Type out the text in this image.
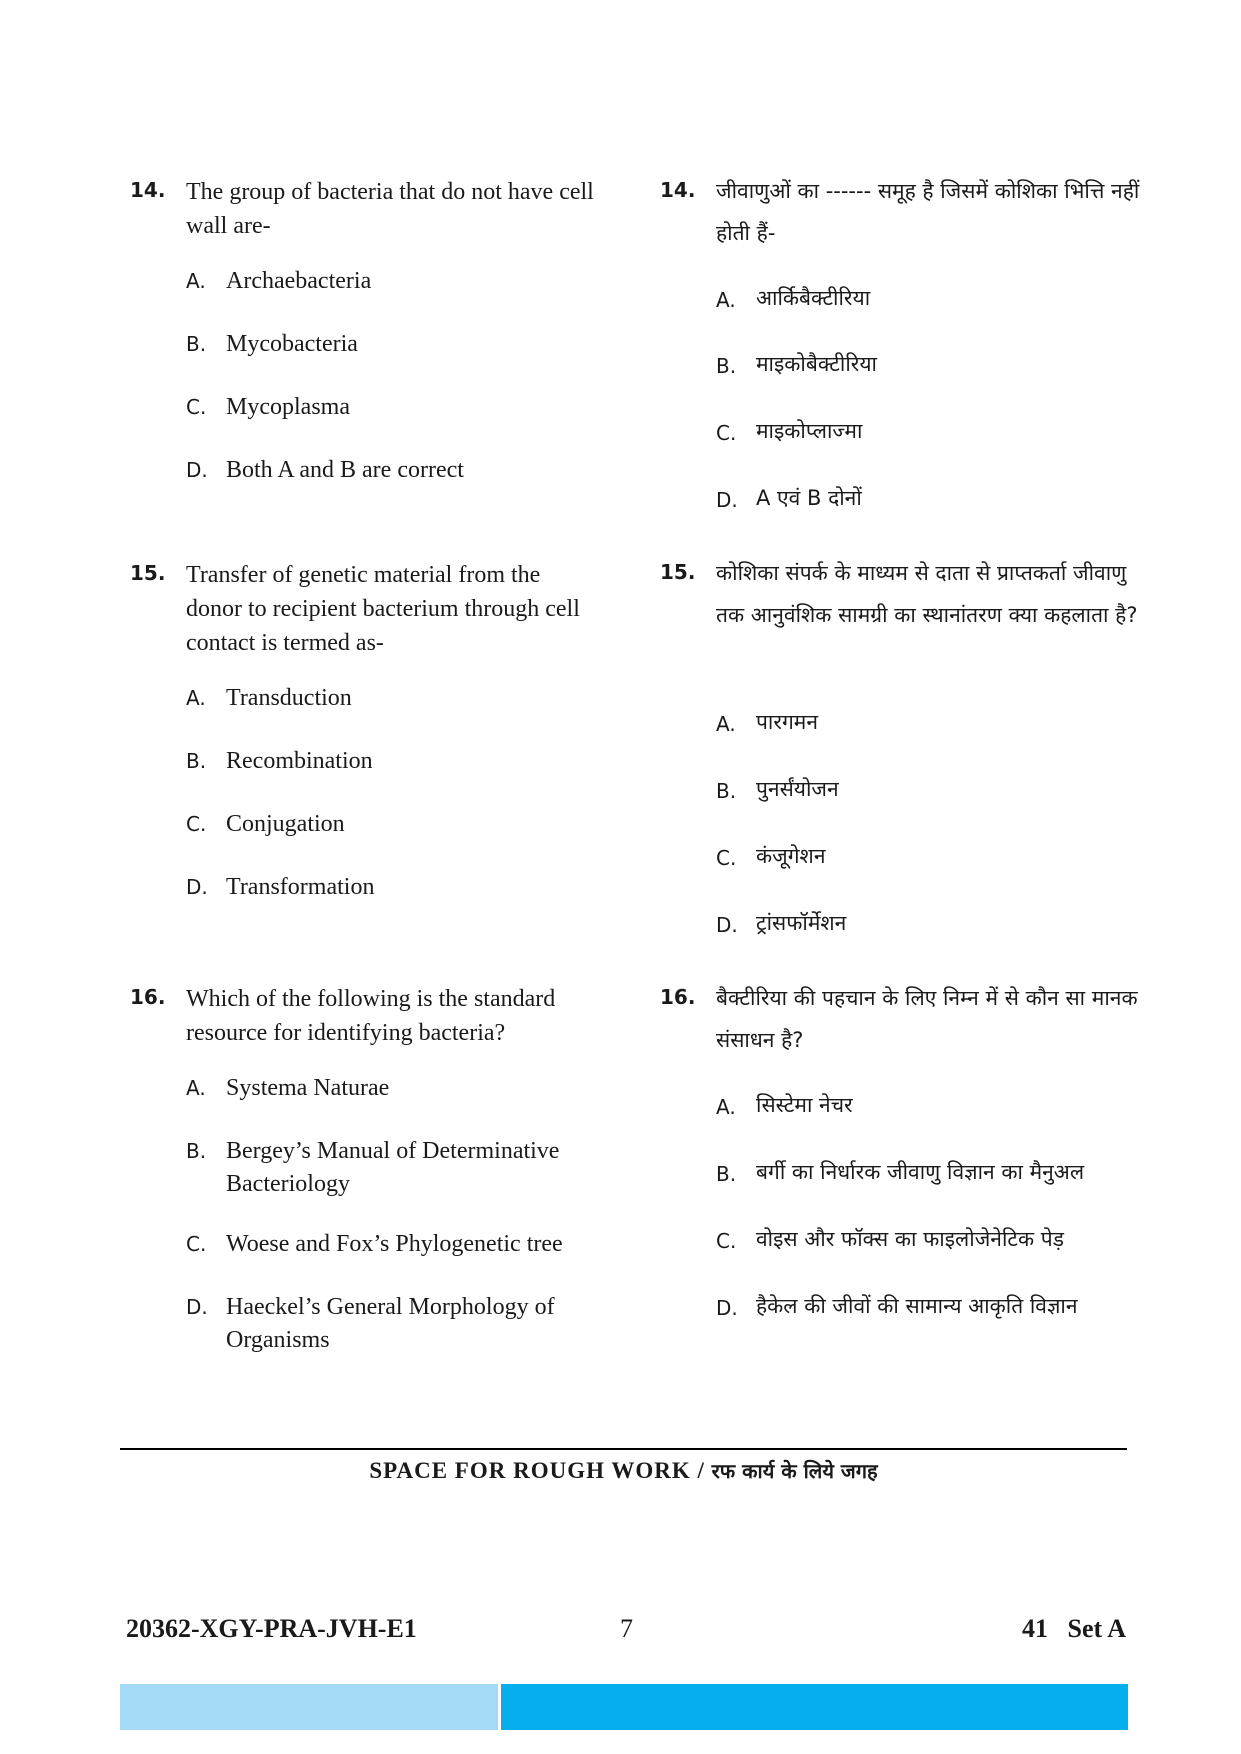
14. The group of bacteria that do not have cell wall are-
A. Archaebacteria
B. Mycobacteria
C. Mycoplasma
D. Both A and B are correct
15. Transfer of genetic material from the donor to recipient bacterium through cell contact is termed as-
A. Transduction
B. Recombination
C. Conjugation
D. Transformation
16. Which of the following is the standard resource for identifying bacteria?
A. Systema Naturae
B. Bergey’s Manual of Determinative Bacteriology
C. Woese and Fox’s Phylogenetic tree
D. Haeckel’s General Morphology of Organisms
14. जीवाणुओं का ------ समूह है जिसमें कोशिका भित्ति नहीं होती हैं-
A. आर्किबैक्टीरिया
B. माइकोबैक्टीरिया
C. माइकोप्लाज्मा
D. A एवं B दोनों
15. कोशिका संपर्क के माध्यम से दाता से प्राप्तकर्ता जीवाणु तक आनुवंशिक सामग्री का स्थानांतरण क्या कहलाता है?
A. पारगमन
B. पुनर्संयोजन
C. कंजूगेशन
D. ट्रांसफॉर्मेशन
16. बैक्टीरिया की पहचान के लिए निम्न में से कौन सा मानक संसाधन है?
A. सिस्टेमा नेचर
B. बर्गी का निर्धारक जीवाणु विज्ञान का मैनुअल
C. वोइस और फॉक्स का फाइलोजेनेटिक पेड़
D. हैकेल की जीवों की सामान्य आकृति विज्ञान
SPACE FOR ROUGH WORK / रफ कार्य के लिये जगह
20362-XGY-PRA-JVH-E1	7	41   Set A
